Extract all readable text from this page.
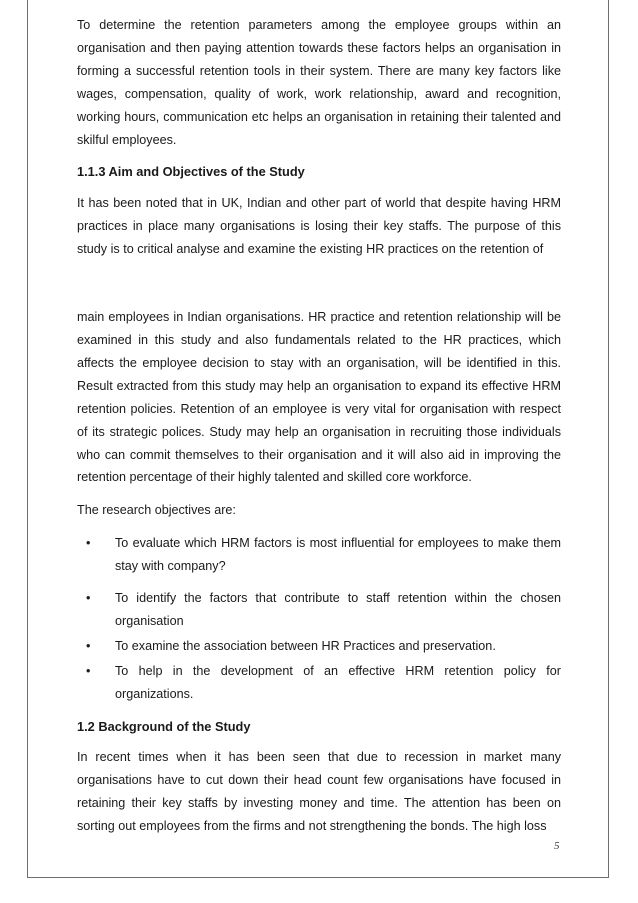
To determine the retention parameters among the employee groups within an organisation and then paying attention towards these factors helps an organisation in forming a successful retention tools in their system. There are many key factors like wages, compensation, quality of work, work relationship, award and recognition, working hours, communication etc helps an organisation in retaining their talented and skilful employees.

1.1.3 Aim and Objectives of the Study

It has been noted that in UK, Indian and other part of world that despite having HRM practices in place many organisations is losing their key staffs. The purpose of this study is to critical analyse and examine the existing HR practices on the retention of

main employees in Indian organisations. HR practice and retention relationship will be examined in this study and also fundamentals related to the HR practices, which affects the employee decision to stay with an organisation, will be identified in this. Result extracted from this study may help an organisation to expand its effective HRM retention policies. Retention of an employee is very vital for organisation with respect of its strategic polices. Study may help an organisation in recruiting those individuals who can commit themselves to their organisation and it will also aid in improving the retention percentage of their highly talented and skilled core workforce.

The research objectives are:

• To evaluate which HRM factors is most influential for employees to make them stay with company?
• To identify the factors that contribute to staff retention within the chosen organisation
• To examine the association between HR Practices and preservation.
• To help in the development of an effective HRM retention policy for organizations.
1.2 Background of the Study

In recent times when it has been seen that due to recession in market many organisations have to cut down their head count few organisations have focused in retaining their key staffs by investing money and time. The attention has been on sorting out employees from the firms and not strengthening the bonds. The high loss

5
